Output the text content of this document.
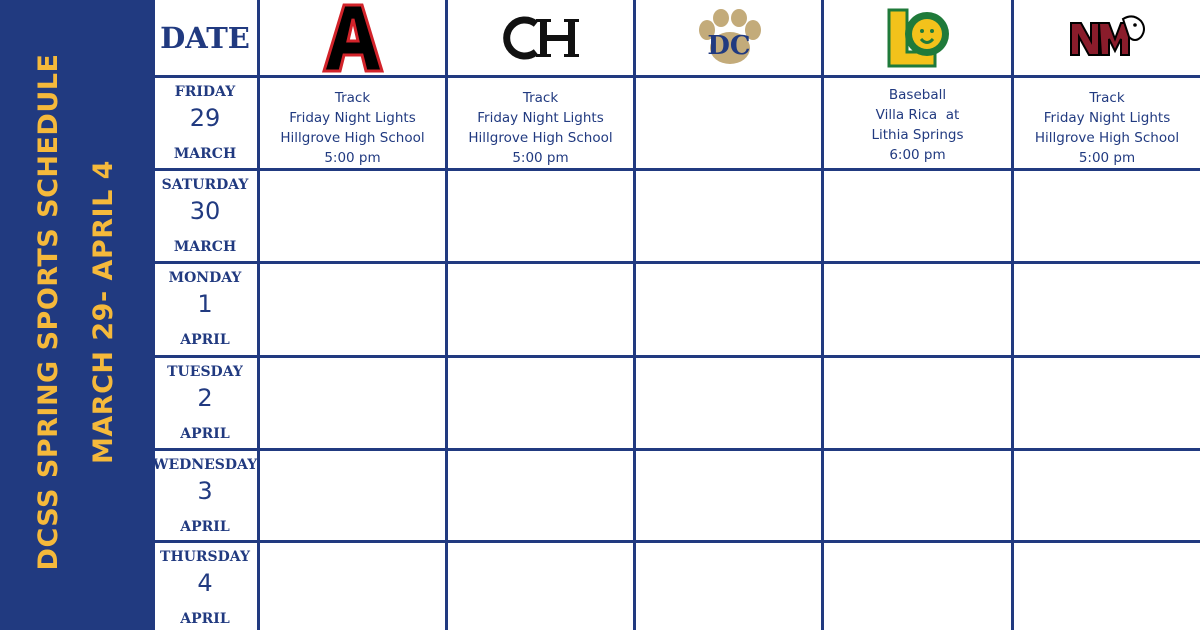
DCSS SPRING SPORTS SCHEDULE MARCH 29- APRIL 4
DATE	DC
FRIDAY
29
MARCH
SATURDAY
30
MARCH
MONDAY
1
APRIL
TUESDAY
2
APRIL
WEDNESDAY
3
APRIL
THURSDAY
4
APRIL
Track
Friday Night Lights
Hillgrove High School
5:00 pm
Track
Friday Night Lights
Hillgrove High School
5:00 pm
Baseball
Villa Rica  at
Lithia Springs
6:00 pm
Track
Friday Night Lights
Hillgrove High School
5:00 pm
